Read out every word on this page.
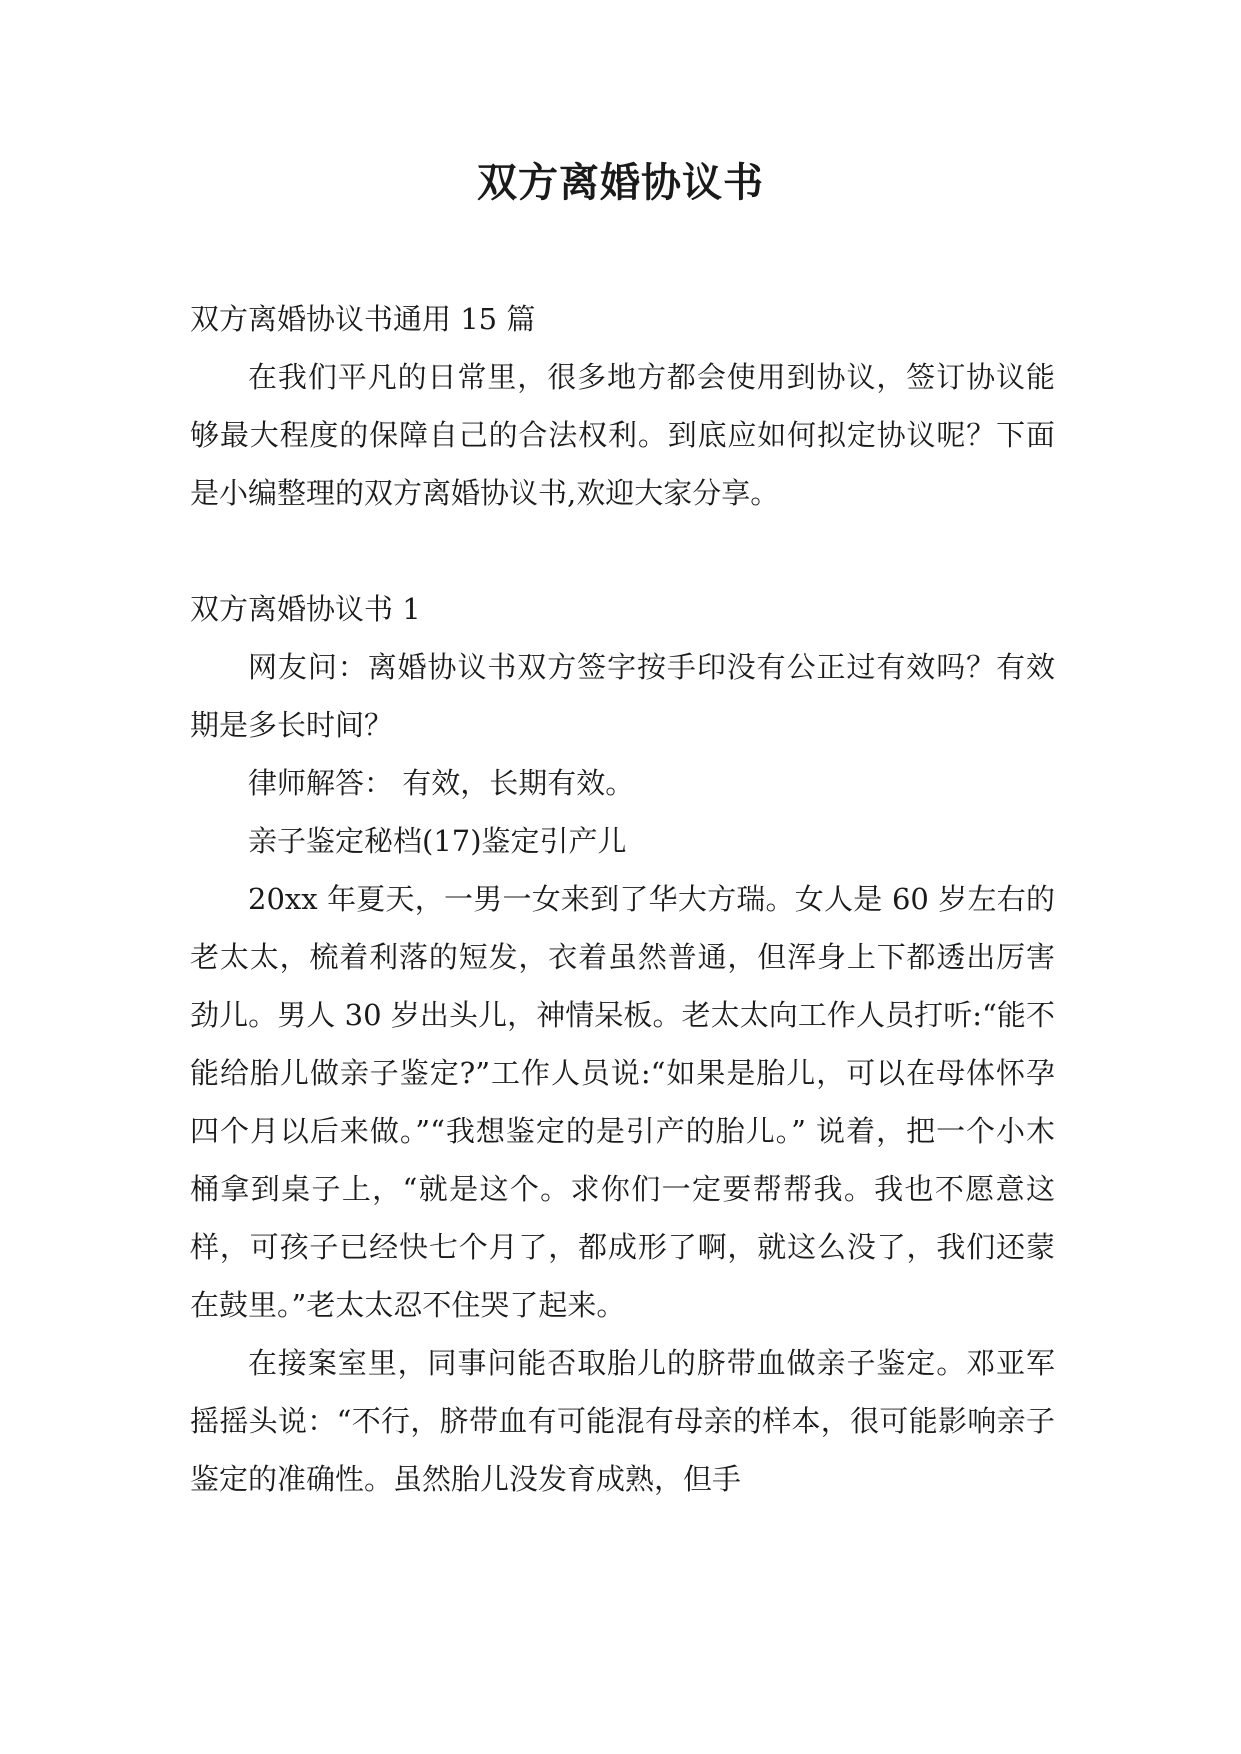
双方离婚协议书

双方离婚协议书通用 15 篇

在我们平凡的日常里，很多地方都会使用到协议，签订协议能够最大程度的保障自己的合法权利。到底应如何拟定协议呢？下面是小编整理的双方离婚协议书,欢迎大家分享。

双方离婚协议书 1

网友问：离婚协议书双方签字按手印没有公正过有效吗？有效期是多长时间？

律师解答： 有效，长期有效。

亲子鉴定秘档(17)鉴定引产儿

20xx 年夏天，一男一女来到了华大方瑞。女人是 60 岁左右的老太太，梳着利落的短发，衣着虽然普通，但浑身上下都透出厉害劲儿。男人 30 岁出头儿，神情呆板。老太太向工作人员打听:“能不能给胎儿做亲子鉴定?”工作人员说:“如果是胎儿，可以在母体怀孕四个月以后来做。”“我想鉴定的是引产的胎儿。” 说着，把一个小木桶拿到桌子上，“就是这个。求你们一定要帮帮我。我也不愿意这样，可孩子已经快七个月了，都成形了啊，就这么没了，我们还蒙在鼓里。”老太太忍不住哭了起来。

在接案室里，同事问能否取胎儿的脐带血做亲子鉴定。邓亚军摇摇头说：“不行，脐带血有可能混有母亲的样本，很可能影响亲子鉴定的准确性。虽然胎儿没发育成熟，但手
